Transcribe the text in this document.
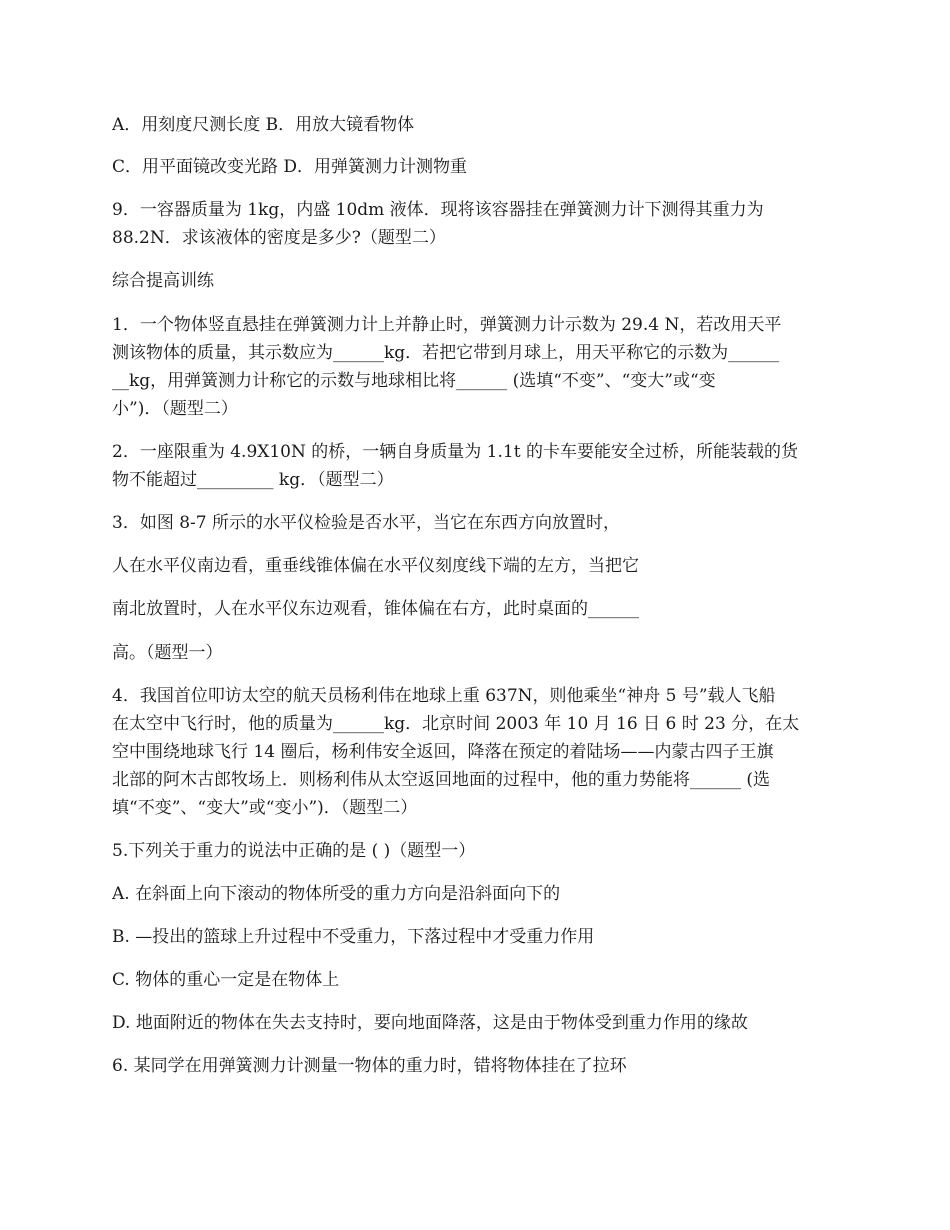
A．用刻度尺测长度 B．用放大镜看物体

C．用平面镜改变光路 D．用弹簧测力计测物重

9．一容器质量为 1kg，内盛 10dm 液体．现将该容器挂在弹簧测力计下测得其重力为

88.2N．求该液体的密度是多少?（题型二）

综合提高训练

1．一个物体竖直悬挂在弹簧测力计上并静止时，弹簧测力计示数为 29.4 N，若改用天平

测该物体的质量，其示数应为______kg．若把它带到月球上，用天平称它的示数为______

__kg，用弹簧测力计称它的示数与地球相比将______ (选填“不变”、“变大”或“变

小”)．（题型二）

2．一座限重为 4.9X10N 的桥，一辆自身质量为 1.1t 的卡车要能安全过桥，所能装载的货

物不能超过_________ kg．（题型二）

3．如图 8-7 所示的水平仪检验是否水平，当它在东西方向放置时，

人在水平仪南边看，重垂线锥体偏在水平仪刻度线下端的左方，当把它

南北放置时，人在水平仪东边观看，锥体偏在右方，此时桌面的______

高。（题型一）

4．我国首位叩访太空的航天员杨利伟在地球上重 637N，则他乘坐“神舟 5 号”载人飞船

在太空中飞行时，他的质量为______kg．北京时间 2003 年 10 月 16 日 6 时 23 分，在太

空中围绕地球飞行 14 圈后，杨利伟安全返回，降落在预定的着陆场——内蒙古四子王旗

北部的阿木古郎牧场上．则杨利伟从太空返回地面的过程中，他的重力势能将______ (选

填“不变”、“变大”或“变小”)．（题型二）

5.下列关于重力的说法中正确的是 ( )（题型一）

A. 在斜面上向下滚动的物体所受的重力方向是沿斜面向下的

B. —投出的篮球上升过程中不受重力，下落过程中才受重力作用

C. 物体的重心一定是在物体上

D. 地面附近的物体在失去支持时，要向地面降落，这是由于物体受到重力作用的缘故

6. 某同学在用弹簧测力计测量一物体的重力时，错将物体挂在了拉环
